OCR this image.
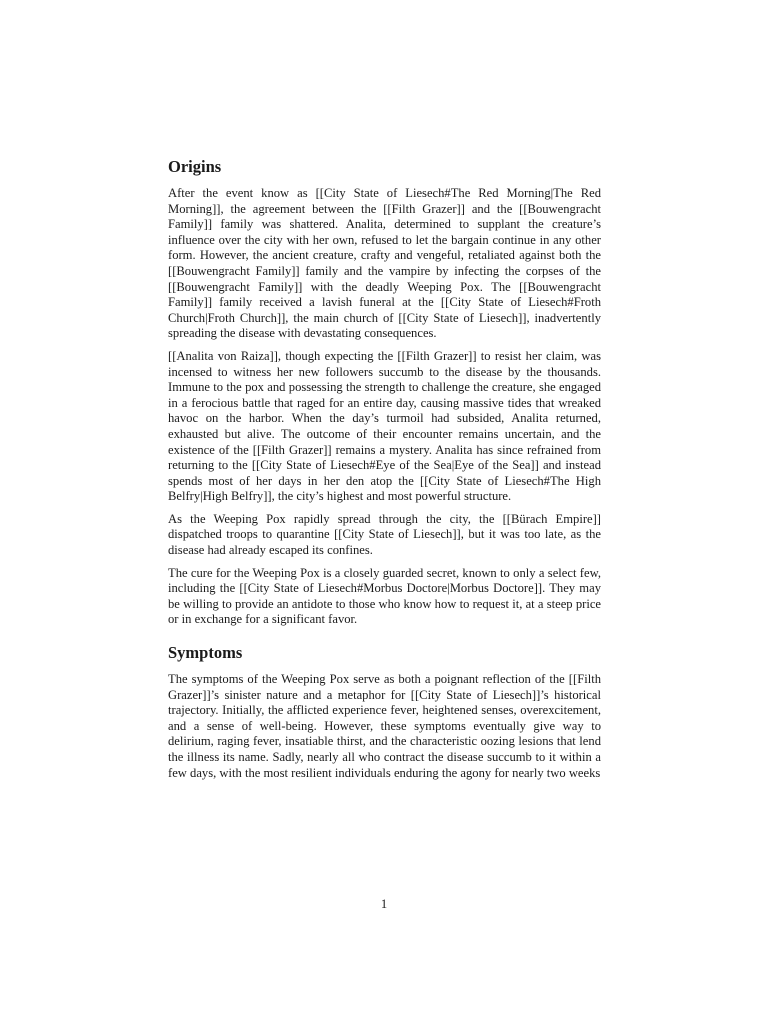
Origins

After the event know as [[City State of Liesech#The Red Morning|The Red Morning]], the agreement between the [[Filth Grazer]] and the [[Bouwengracht Family]] family was shattered. Analita, determined to supplant the creature’s influence over the city with her own, refused to let the bargain continue in any other form. However, the ancient creature, crafty and vengeful, retaliated against both the [[Bouwengracht Family]] family and the vampire by infecting the corpses of the [[Bouwengracht Family]] with the deadly Weeping Pox. The [[Bouwengracht Family]] family received a lavish funeral at the [[City State of Liesech#Froth Church|Froth Church]], the main church of [[City State of Liesech]], inadvertently spreading the disease with devastating consequences.

[[Analita von Raiza]], though expecting the [[Filth Grazer]] to resist her claim, was incensed to witness her new followers succumb to the disease by the thousands. Immune to the pox and possessing the strength to challenge the creature, she engaged in a ferocious battle that raged for an entire day, causing massive tides that wreaked havoc on the harbor. When the day’s turmoil had subsided, Analita returned, exhausted but alive. The outcome of their encounter remains uncertain, and the existence of the [[Filth Grazer]] remains a mystery. Analita has since refrained from returning to the [[City State of Liesech#Eye of the Sea|Eye of the Sea]] and instead spends most of her days in her den atop the [[City State of Liesech#The High Belfry|High Belfry]], the city’s highest and most powerful structure.

As the Weeping Pox rapidly spread through the city, the [[Bürach Empire]] dispatched troops to quarantine [[City State of Liesech]], but it was too late, as the disease had already escaped its confines.

The cure for the Weeping Pox is a closely guarded secret, known to only a select few, including the [[City State of Liesech#Morbus Doctore|Morbus Doctore]]. They may be willing to provide an antidote to those who know how to request it, at a steep price or in exchange for a significant favor.

Symptoms

The symptoms of the Weeping Pox serve as both a poignant reflection of the [[Filth Grazer]]’s sinister nature and a metaphor for [[City State of Liesech]]’s historical trajectory. Initially, the afflicted experience fever, heightened senses, overexcitement, and a sense of well-being. However, these symptoms eventually give way to delirium, raging fever, insatiable thirst, and the characteristic oozing lesions that lend the illness its name. Sadly, nearly all who contract the disease succumb to it within a few days, with the most resilient individuals enduring the agony for nearly two weeks

1
